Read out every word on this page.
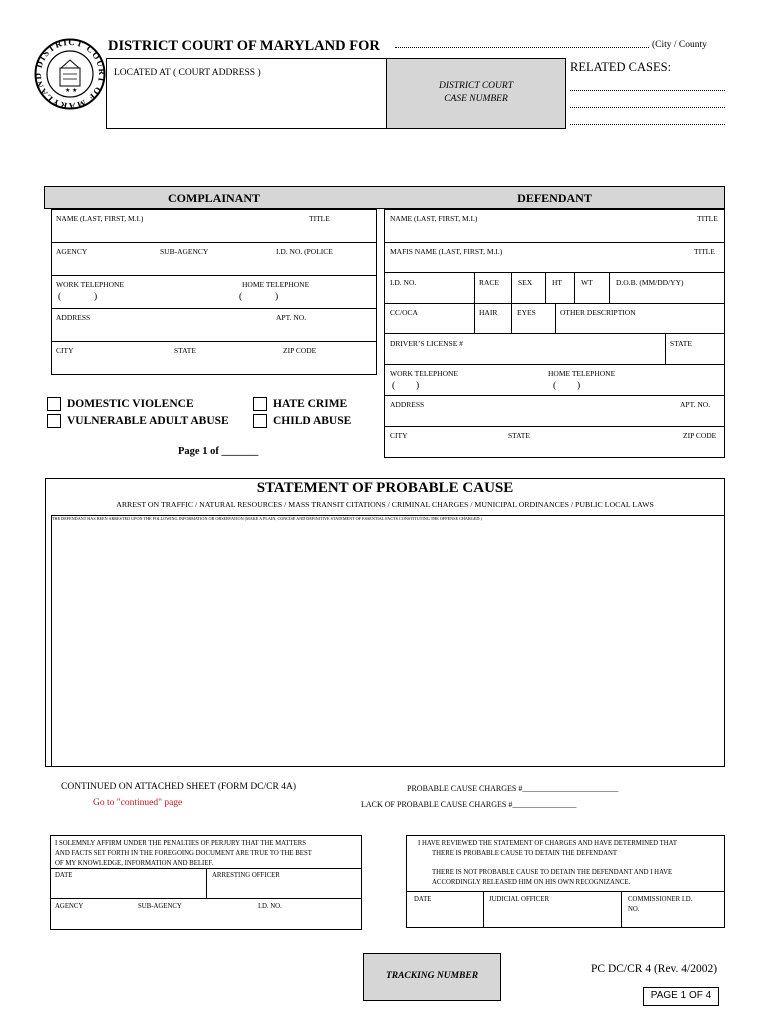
DISTRICT COU T OF MARYLAN
★ ★
DISTRICT COURT OF MARYLAND FOR	(City / County
LOCATED AT ( COURT ADDRESS )
DISTRICT COURT
CASE NUMBER
RELATED CASES:
COMPLAINANT	DEFENDANT
NAME (LAST, FIRST, M.I.)	TITLE
AGENCY	SUB-AGENCY	I.D. NO. (POLICE
WORK TELEPHONE	HOME TELEPHONE
(	)	(	)
ADDRESS	APT. NO.
CITY	STATE	ZIP CODE
NAME (LAST, FIRST, M.I.)	TITLE
MAFIS NAME (LAST, FIRST, M.I.)	TITLE
I.D. NO.	RACE	SEX	HT	WT	D.O.B. (MM/DD/YY)
CC/OCA	HAIR	EYES	OTHER DESCRIPTION
DRIVER’S LICENSE #	STATE
WORK TELEPHONE	HOME TELEPHONE
( )	( )
ADDRESS	APT. NO.
CITY	STATE	ZIP CODE
DOMESTIC VIOLENCE
VULNERABLE ADULT ABUSE
HATE CRIME
CHILD ABUSE
Page 1 of _______
STATEMENT OF PROBABLE CAUSE
ARREST ON TRAFFIC / NATURAL RESOURCES / MASS TRANSIT CITATIONS / CRIMINAL CHARGES / MUNICIPAL ORDINANCES / PUBLIC LOCAL LAWS
THE DEFENDANT HAS BEEN ARRESTED UPON THE FOLLOWING INFORMATION OR OBSERVATION (MAKE A PLAIN, CONCISE AND DEFINITIVE STATEMENT OF ESSENTIAL FACTS CONSTITUTING THE OFFENSE CHARGED.)
CONTINUED ON ATTACHED SHEET (FORM DC/CR 4A)
Go to "continued" page
PROBABLE CAUSE CHARGES #________________________
LACK OF PROBABLE CAUSE CHARGES #________________
I SOLEMNLY AFFIRM UNDER THE PENALTIES OF PERJURY THAT THE MATTERS
AND FACTS SET FORTH IN THE FOREGOING DOCUMENT ARE TRUE TO THE BEST
OF MY KNOWLEDGE, INFORMATION AND BELIEF.
DATE	ARRESTING OFFICER
AGENCY	SUB-AGENCY	I.D. NO.
I HAVE REVIEWED THE STATEMENT OF CHARGES AND HAVE DETERMINED THAT
THERE IS PROBABLE CAUSE TO DETAIN THE DEFENDANT
THERE IS NOT PROBABLE CAUSE TO DETAIN THE DEFENDANT AND I HAVE
ACCORDINGLY RELEASED HIM ON HIS OWN RECOGNIZANCE.
DATE	JUDICIAL OFFICER	COMMISSIONER I.D.
NO.
TRACKING NUMBER
PC DC/CR 4 (Rev. 4/2002)
PAGE 1 OF 4
